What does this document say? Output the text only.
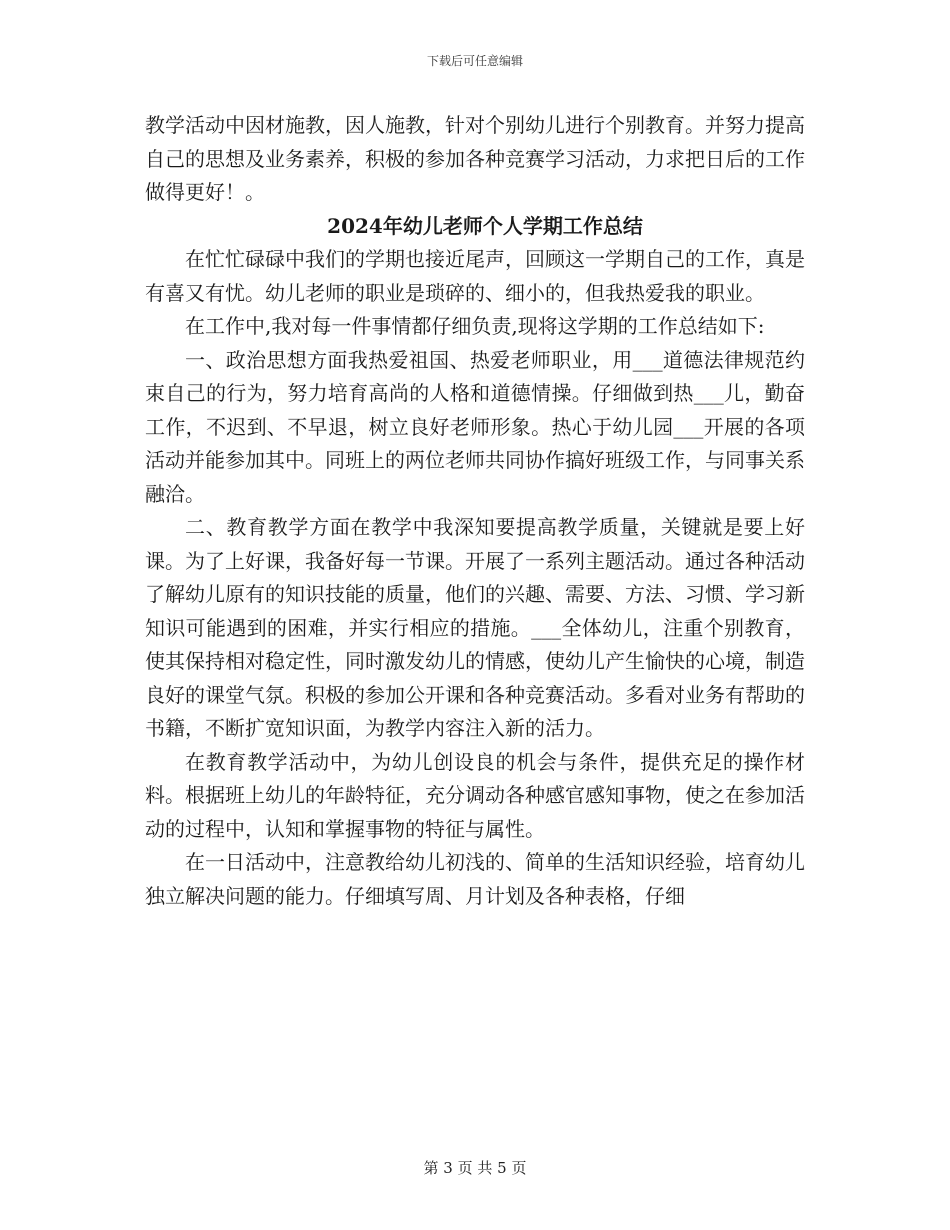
下载后可任意编辑

教学活动中因材施教，因人施教，针对个别幼儿进行个别教育。并努力提高自己的思想及业务素养，积极的参加各种竞赛学习活动，力求把日后的工作做得更好！。

2024年幼儿老师个人学期工作总结

在忙忙碌碌中我们的学期也接近尾声，回顾这一学期自己的工作，真是有喜又有忧。幼儿老师的职业是琐碎的、细小的，但我热爱我的职业。

在工作中,我对每一件事情都仔细负责,现将这学期的工作总结如下:

一、政治思想方面我热爱祖国、热爱老师职业，用___道德法律规范约束自己的行为，努力培育高尚的人格和道德情操。仔细做到热___儿，勤奋工作，不迟到、不早退，树立良好老师形象。热心于幼儿园___开展的各项活动并能参加其中。同班上的两位老师共同协作搞好班级工作，与同事关系融洽。

二、教育教学方面在教学中我深知要提高教学质量，关键就是要上好课。为了上好课，我备好每一节课。开展了一系列主题活动。通过各种活动了解幼儿原有的知识技能的质量，他们的兴趣、需要、方法、习惯、学习新知识可能遇到的困难，并实行相应的措施。___全体幼儿，注重个别教育，使其保持相对稳定性，同时激发幼儿的情感，使幼儿产生愉快的心境，制造良好的课堂气氛。积极的参加公开课和各种竞赛活动。多看对业务有帮助的书籍，不断扩宽知识面，为教学内容注入新的活力。

在教育教学活动中，为幼儿创设良的机会与条件，提供充足的操作材料。根据班上幼儿的年龄特征，充分调动各种感官感知事物，使之在参加活动的过程中，认知和掌握事物的特征与属性。

在一日活动中，注意教给幼儿初浅的、简单的生活知识经验，培育幼儿独立解决问题的能力。仔细填写周、月计划及各种表格，仔细

第 3 页 共 5 页
